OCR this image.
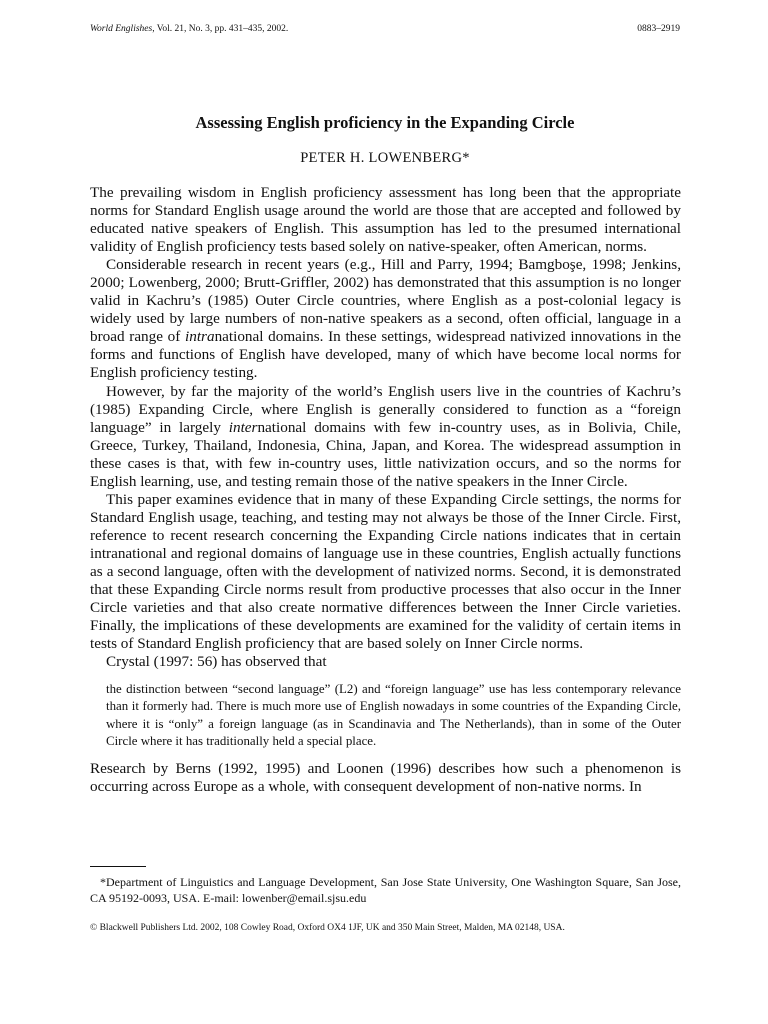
World Englishes, Vol. 21, No. 3, pp. 431–435, 2002.	0883–2919
Assessing English proficiency in the Expanding Circle
PETER H. LOWENBERG*

The prevailing wisdom in English proficiency assessment has long been that the appropriate norms for Standard English usage around the world are those that are accepted and followed by educated native speakers of English. This assumption has led to the presumed international validity of English proficiency tests based solely on native-speaker, often American, norms.

Considerable research in recent years (e.g., Hill and Parry, 1994; Bamgboşe, 1998; Jenkins, 2000; Lowenberg, 2000; Brutt-Griffler, 2002) has demonstrated that this assumption is no longer valid in Kachru’s (1985) Outer Circle countries, where English as a post-colonial legacy is widely used by large numbers of non-native speakers as a second, often official, language in a broad range of intranational domains. In these settings, widespread nativized innovations in the forms and functions of English have developed, many of which have become local norms for English proficiency testing.

However, by far the majority of the world’s English users live in the countries of Kachru’s (1985) Expanding Circle, where English is generally considered to function as a “foreign language” in largely international domains with few in-country uses, as in Bolivia, Chile, Greece, Turkey, Thailand, Indonesia, China, Japan, and Korea. The widespread assumption in these cases is that, with few in-country uses, little nativization occurs, and so the norms for English learning, use, and testing remain those of the native speakers in the Inner Circle.

This paper examines evidence that in many of these Expanding Circle settings, the norms for Standard English usage, teaching, and testing may not always be those of the Inner Circle. First, reference to recent research concerning the Expanding Circle nations indicates that in certain intranational and regional domains of language use in these countries, English actually functions as a second language, often with the development of nativized norms. Second, it is demonstrated that these Expanding Circle norms result from productive processes that also occur in the Inner Circle varieties and that also create normative differences between the Inner Circle varieties. Finally, the implications of these developments are examined for the validity of certain items in tests of Standard English proficiency that are based solely on Inner Circle norms.

Crystal (1997: 56) has observed that

the distinction between “second language” (L2) and “foreign language” use has less contemporary relevance than it formerly had. There is much more use of English nowadays in some countries of the Expanding Circle, where it is “only” a foreign language (as in Scandinavia and The Netherlands), than in some of the Outer Circle where it has traditionally held a special place.

Research by Berns (1992, 1995) and Loonen (1996) describes how such a phenomenon is occurring across Europe as a whole, with consequent development of non-native norms. In

*Department of Linguistics and Language Development, San Jose State University, One Washington Square, San Jose, CA 95192-0093, USA. E-mail: lowenber@email.sjsu.edu
© Blackwell Publishers Ltd. 2002, 108 Cowley Road, Oxford OX4 1JF, UK and 350 Main Street, Malden, MA 02148, USA.
